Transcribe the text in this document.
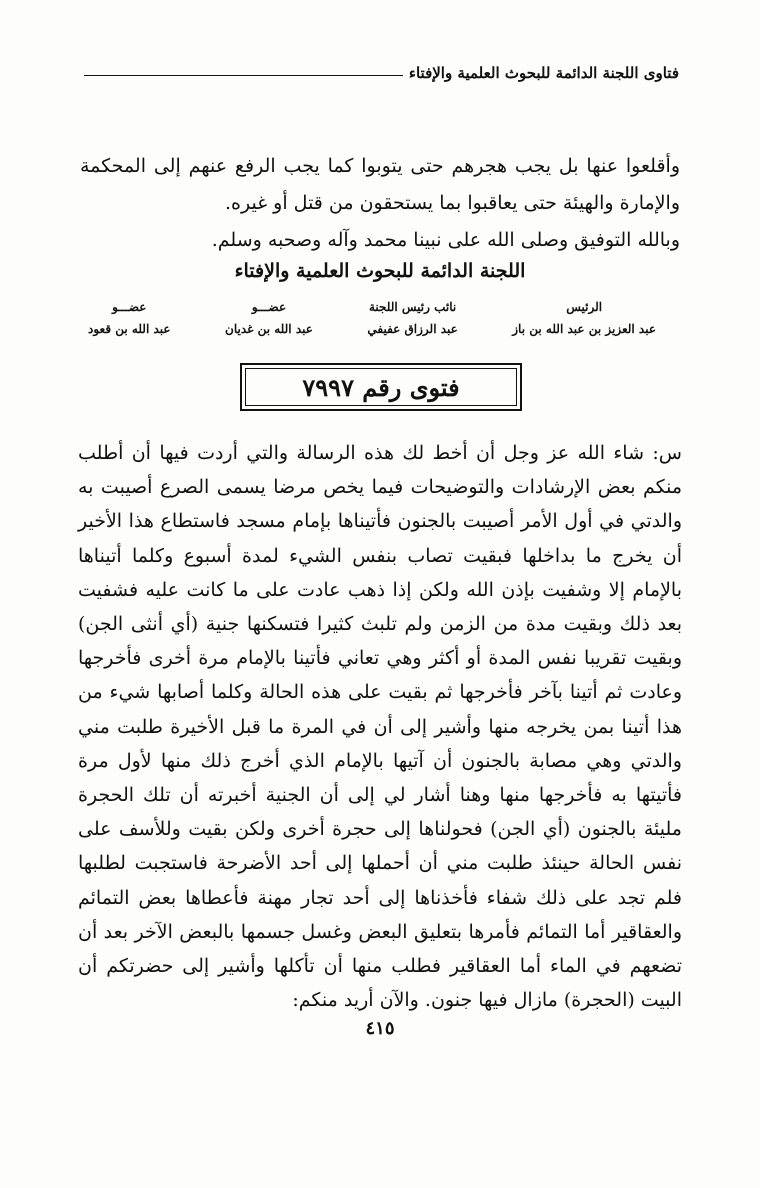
فتاوى اللجنة الدائمة للبحوث العلمية والإفتاء

وأقلعوا عنها بل يجب هجرهم حتى يتوبوا كما يجب الرفع عنهم إلى المحكمة والإمارة والهيئة حتى يعاقبوا بما يستحقون من قتل أو غيره.

وبالله التوفيق وصلى الله على نبينا محمد وآله وصحبه وسلم.

اللجنة الدائمة للبحوث العلمية والإفتاء
الرئيس
عبد العزيز بن عبد الله بن باز
نائب رئيس اللجنة
عبد الرزاق عفيفي
عضـــو
عبد الله بن غديان
عضـــو
عبد الله بن قعود
فتوى رقم ٧٩٩٧

س: شاء الله عز وجل أن أخط لك هذه الرسالة والتي أردت فيها أن أطلب منكم بعض الإرشادات والتوضيحات فيما يخص مرضا يسمى الصرع أصيبت به والدتي في أول الأمر أصيبت بالجنون فأتيناها بإمام مسجد فاستطاع هذا الأخير أن يخرج ما بداخلها فبقيت تصاب بنفس الشيء لمدة أسبوع وكلما أتيناها بالإمام إلا وشفيت بإذن الله ولكن إذا ذهب عادت على ما كانت عليه فشفيت بعد ذلك وبقيت مدة من الزمن ولم تلبث كثيرا فتسكنها جنية (أي أنثى الجن) وبقيت تقريبا نفس المدة أو أكثر وهي تعاني فأتينا بالإمام مرة أخرى فأخرجها وعادت ثم أتينا بآخر فأخرجها ثم بقيت على هذه الحالة وكلما أصابها شيء من هذا أتينا بمن يخرجه منها وأشير إلى أن في المرة ما قبل الأخيرة طلبت مني والدتي وهي مصابة بالجنون أن آتيها بالإمام الذي أخرج ذلك منها لأول مرة فأتيتها به فأخرجها منها وهنا أشار لي إلى أن الجنية أخبرته أن تلك الحجرة مليئة بالجنون (أي الجن) فحولناها إلى حجرة أخرى ولكن بقيت وللأسف على نفس الحالة حينئذ طلبت مني أن أحملها إلى أحد الأضرحة فاستجبت لطلبها فلم تجد على ذلك شفاء فأخذناها إلى أحد تجار مهنة فأعطاها بعض التمائم والعقاقير أما التمائم فأمرها بتعليق البعض وغسل جسمها بالبعض الآخر بعد أن تضعهم في الماء أما العقاقير فطلب منها أن تأكلها وأشير إلى حضرتكم أن البيت (الحجرة) مازال فيها جنون. والآن أريد منكم:

٤١٥
